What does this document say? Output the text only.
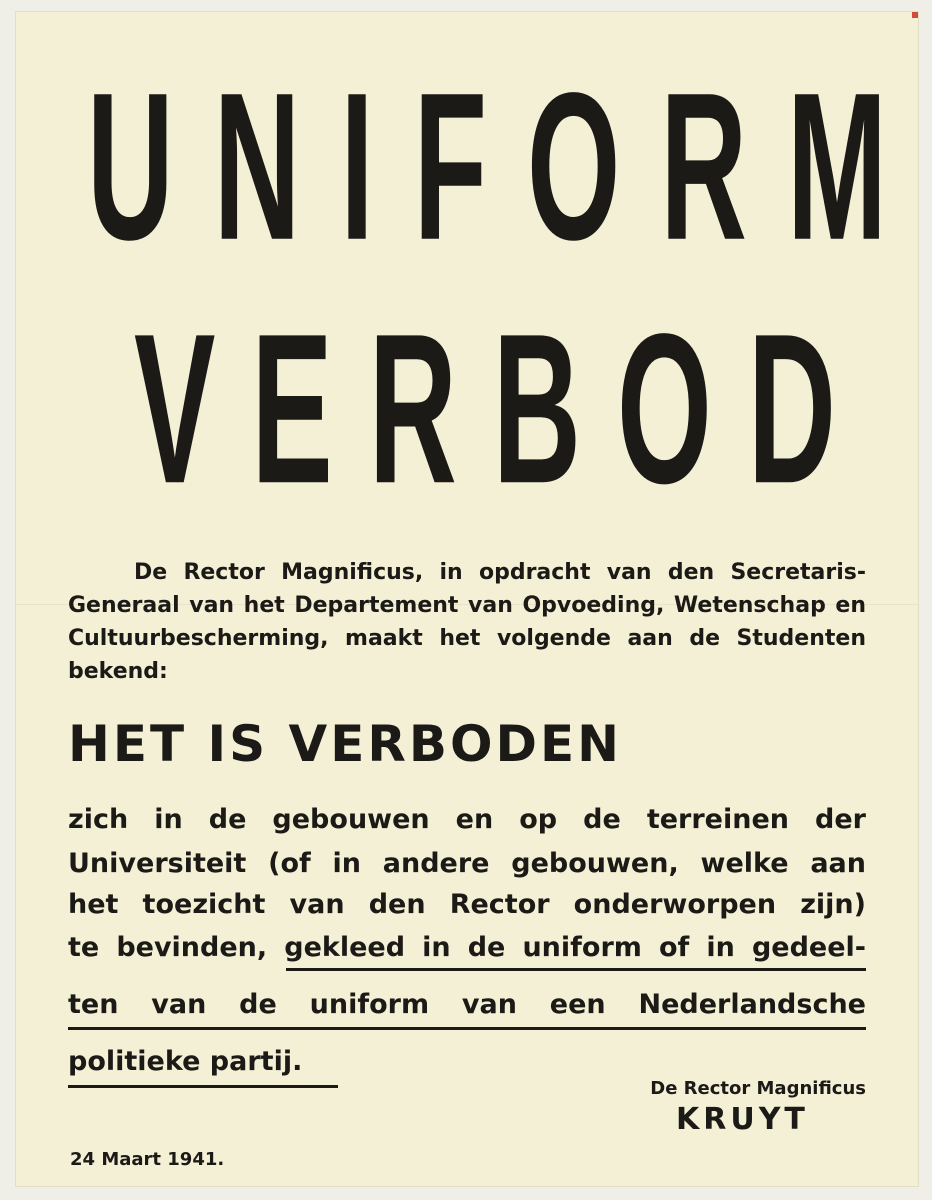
UNIFORM
VERBOD
De Rector Magnificus, in opdracht van den Secretaris-Generaal van het Departement van Opvoeding, Wetenschap en Cultuurbescherming, maakt het volgende aan de Studenten bekend:
HET IS VERBODEN
zich in de gebouwen en op de terreinen der
Universiteit (of in andere gebouwen, welke aan
het toezicht van den Rector onderworpen zijn)
te bevinden, gekleed in de uniform of in gedeel-
ten van de uniform van een Nederlandsche
politieke partij.
De Rector Magnificus
KRUYT
24 Maart 1941.
